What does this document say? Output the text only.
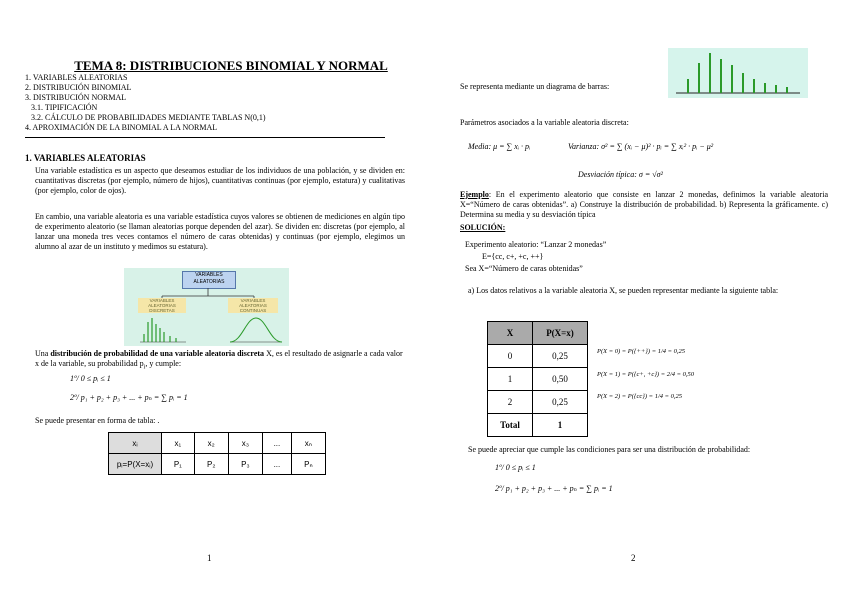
TEMA 8: DISTRIBUCIONES BINOMIAL Y NORMAL
1. VARIABLES ALEATORIAS
2. DISTRIBUCIÓN BINOMIAL
3. DISTRIBUCIÓN NORMAL
3.1. TIPIFICACIÓN
3.2. CÁLCULO DE PROBABILIDADES MEDIANTE TABLAS N(0,1)
4. APROXIMACIÓN DE LA BINOMIAL A LA NORMAL
1. VARIABLES ALEATORIAS
Una variable estadística es un aspecto que deseamos estudiar de los individuos de una población, y se dividen en: cuantitativas discretas (por ejemplo, número de hijos), cuantitativas continuas (por ejemplo, estatura) y cualitativas (por ejemplo, color de ojos).
En cambio, una variable aleatoria es una variable estadística cuyos valores se obtienen de mediciones en algún tipo de experimento aleatorio (se llaman aleatorias porque dependen del azar). Se dividen en: discretas (por ejemplo, al lanzar una moneda tres veces contamos el número de caras obtenidas) y continuas (por ejemplo, elegimos un alumno al azar de un instituto y medimos su estatura).
VARIABLES ALEATORIAS
VARIABLES ALEATORIAS DISCRETAS
VARIABLES ALEATORIAS CONTINUAS
Una distribución de probabilidad de una variable aleatoria discreta X, es el resultado de asignarle a cada valor x de la variable, su probabilidad $p_i$, y cumple:
1º/ 0 ≤ pᵢ ≤ 1
2º/ p₁ + p₂ + p₃ + ... + pₙ = ∑ pᵢ = 1
Se puede presentar en forma de tabla: .
xᵢ	x₁	x₂	x₃	...	xₙ
pᵢ=P(X=xᵢ)	P₁	P₂	P₃	...	Pₙ
1
Se representa mediante un diagrama de barras:
Parámetros asociados a la variable aleatoria discreta:
Media: μ = ∑ xᵢ · pᵢ	Varianza: σ² = ∑ (xᵢ − μ)² · pᵢ = ∑ xᵢ² · pᵢ − μ²
Desviación típica: σ = √σ²
Ejemplo: En el experimento aleatorio que consiste en lanzar 2 monedas, definimos la variable aleatoria X=“Número de caras obtenidas”. a) Construye la distribución de probabilidad. b) Representa la gráficamente. c) Determina su media y su desviación típica
SOLUCIÓN:
Experimento aleatorio: “Lanzar 2 monedas”
E={cc, c+, +c, ++}
Sea X=“Número de caras obtenidas”
a) Los datos relativos a la variable aleatoria X, se pueden representar mediante la siguiente tabla:
X	P(X=x)
0	0,25
1	0,50
2	0,25
Total	1
P(X = 0) = P({++}) = 1/4 = 0,25
P(X = 1) = P({c+, +c}) = 2/4 = 0,50
P(X = 2) = P({cc}) = 1/4 = 0,25
Se puede apreciar que cumple las condiciones para ser una distribución de probabilidad:
1º/ 0 ≤ pᵢ ≤ 1
2º/ p₁ + p₂ + p₃ + ... + pₙ = ∑ pᵢ = 1
2
